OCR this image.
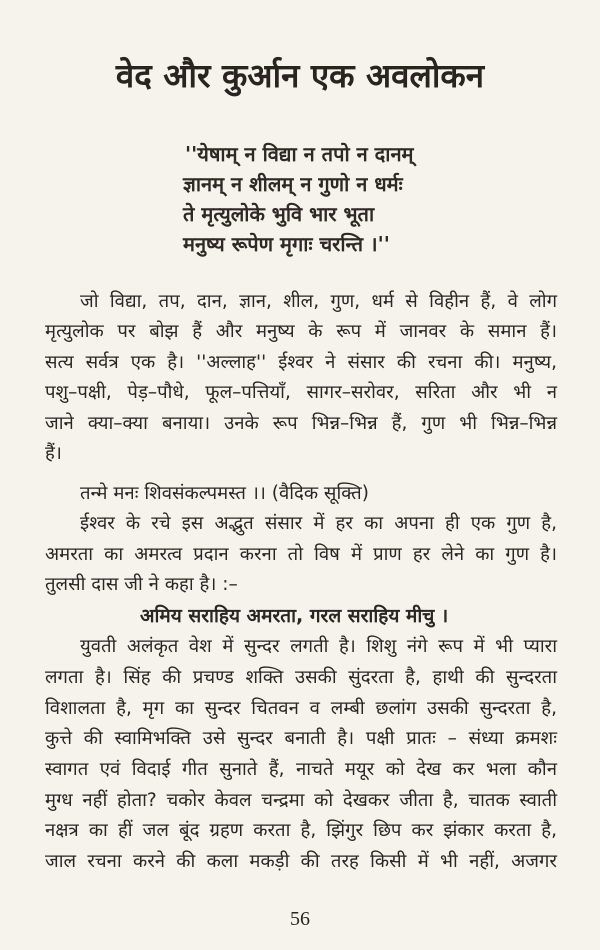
वेद और कुर्आन एक अवलोकन
''येषाम् न विद्या न तपो न दानम्
ज्ञानम् न शीलम् न गुणो न धर्मः
ते मृत्युलोके भुवि भार भूता
मनुष्य रूपेण मृगाः चरन्ति ।''
जो विद्या, तप, दान, ज्ञान, शील, गुण, धर्म से विहीन हैं, वे लोग
मृत्युलोक पर बोझ हैं और मनुष्य के रूप में जानवर के समान हैं।
सत्य सर्वत्र एक है। ''अल्लाह'' ईश्वर ने संसार की रचना की। मनुष्य,
पशु–पक्षी, पेड़–पौधे, फूल–पत्तियाँ, सागर–सरोवर, सरिता और भी न
जाने क्या–क्या बनाया। उनके रूप भिन्न–भिन्न हैं, गुण भी भिन्न–भिन्न
हैं।
तन्मे मनः शिवसंकल्पमस्त ।। (वैदिक सूक्ति)
ईश्वर के रचे इस अद्भुत संसार में हर का अपना ही एक गुण है,
अमरता का अमरत्व प्रदान करना तो विष में प्राण हर लेने का गुण है।
तुलसी दास जी ने कहा है। :–
अमिय सराहिय अमरता, गरल सराहिय मीचु ।
युवती अलंकृत वेश में सुन्दर लगती है। शिशु नंगे रूप में भी प्यारा
लगता है। सिंह की प्रचण्ड शक्ति उसकी सुंदरता है, हाथी की सुन्दरता
विशालता है, मृग का सुन्दर चितवन व लम्बी छलांग उसकी सुन्दरता है,
कुत्ते की स्वामिभक्ति उसे सुन्दर बनाती है। पक्षी प्रातः – संध्या क्रमशः
स्वागत एवं विदाई गीत सुनाते हैं, नाचते मयूर को देख कर भला कौन
मुग्ध नहीं होता? चकोर केवल चन्द्रमा को देखकर जीता है, चातक स्वाती
नक्षत्र का हीं जल बूंद ग्रहण करता है, झिंगुर छिप कर झंकार करता है,
जाल रचना करने की कला मकड़ी की तरह किसी में भी नहीं, अजगर
56
